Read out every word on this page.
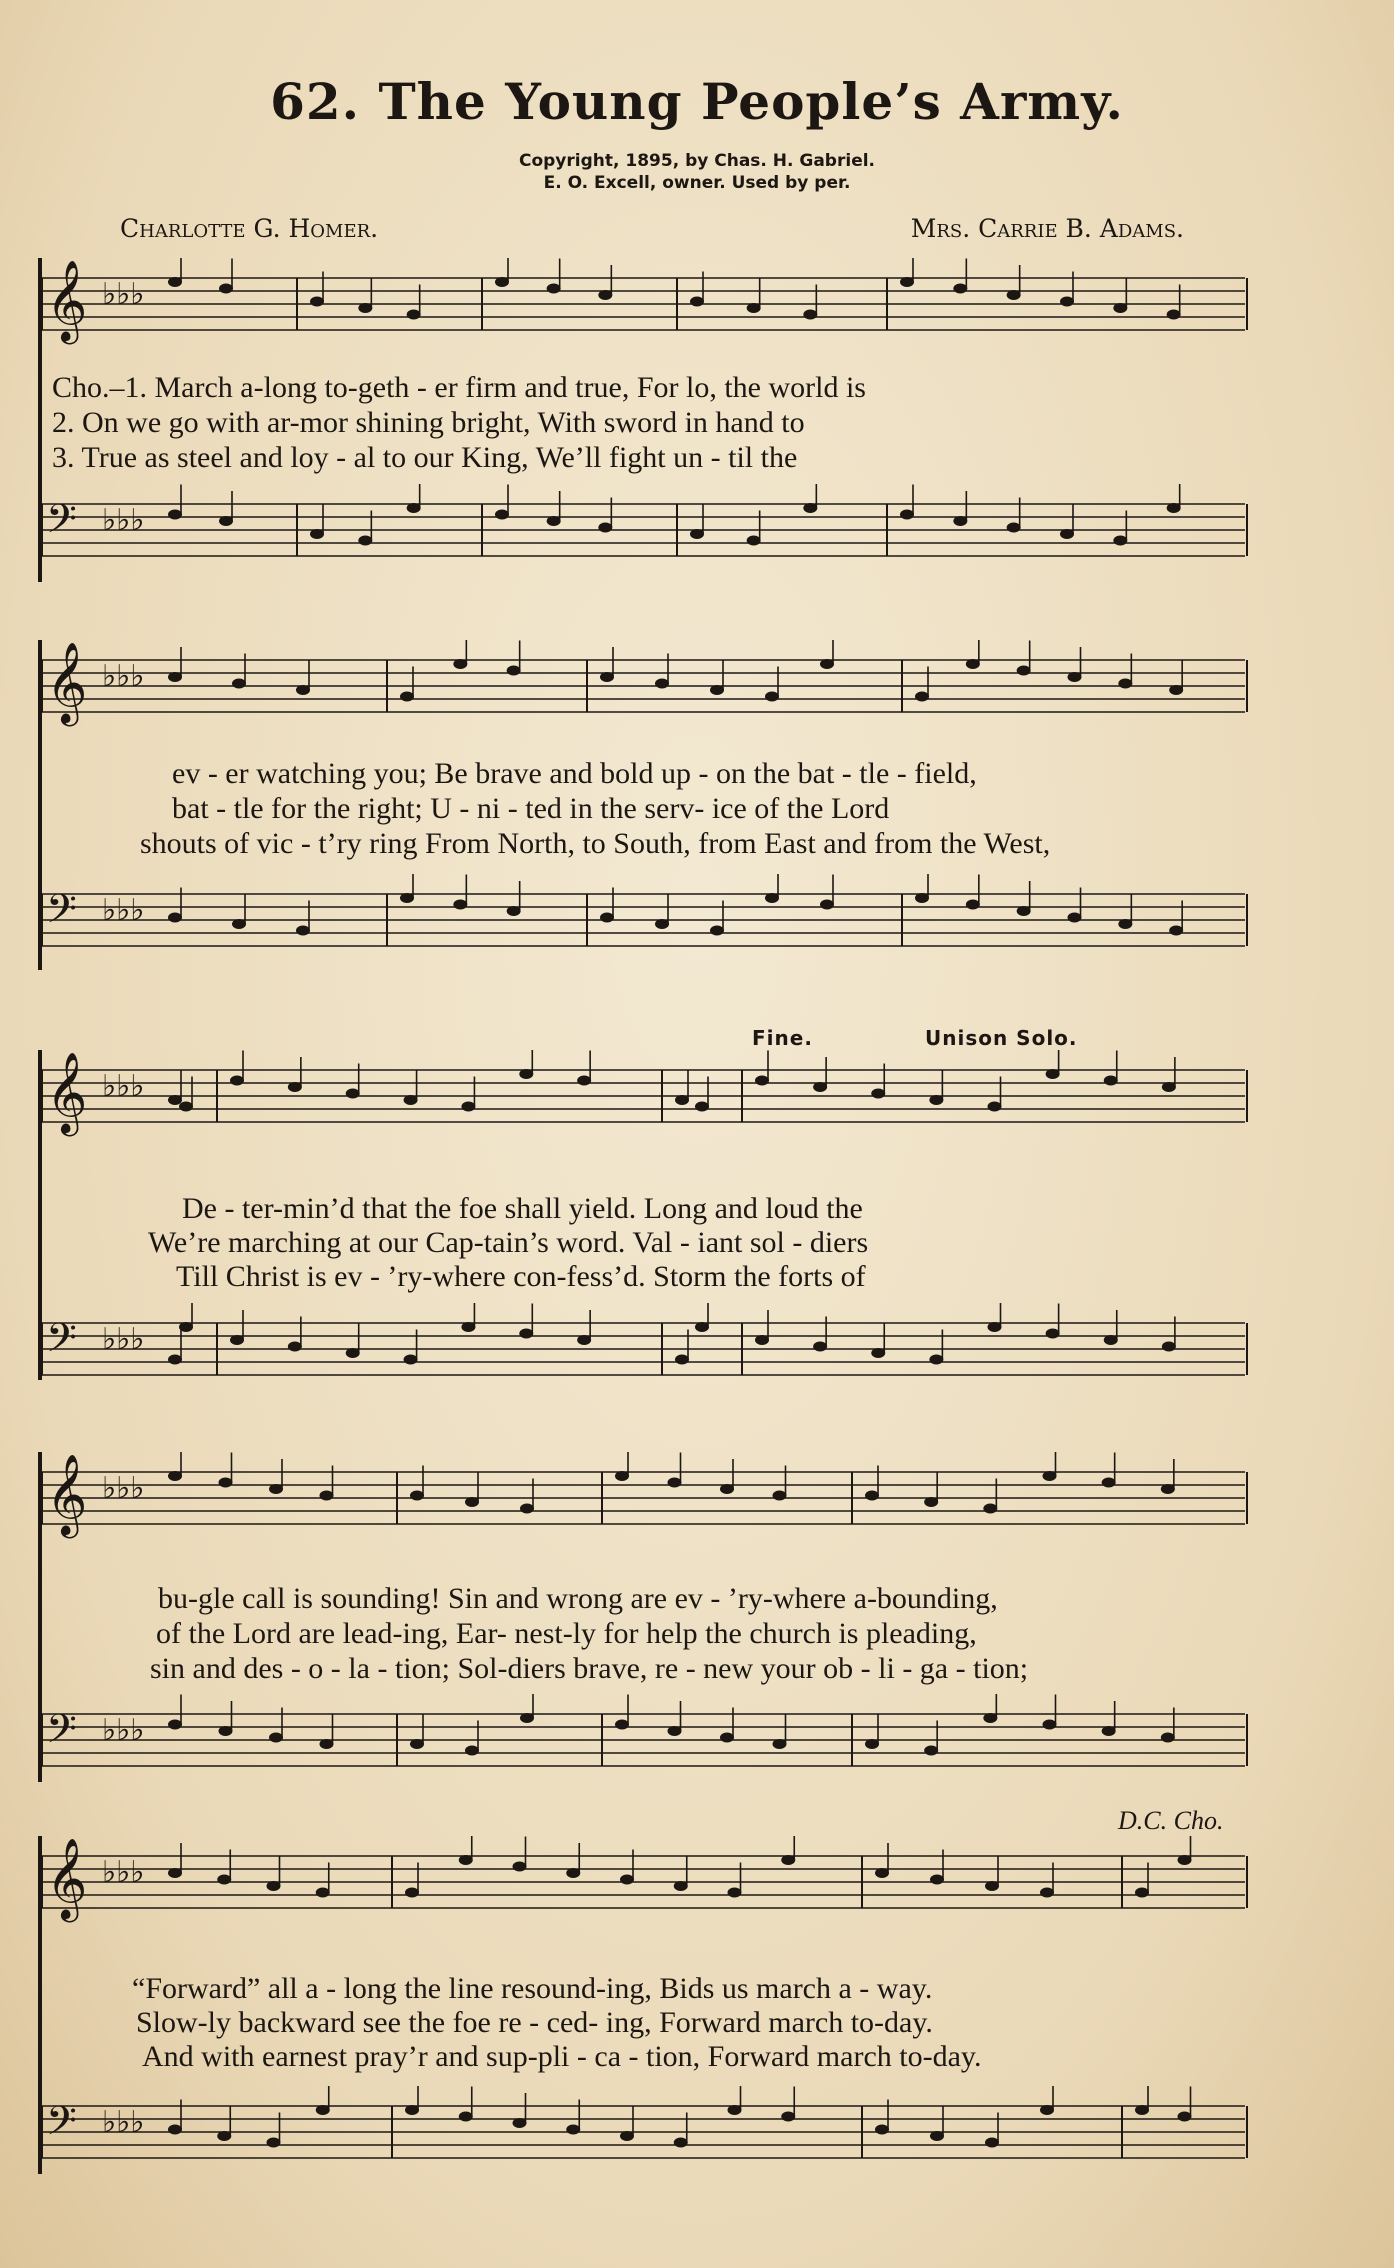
62. The Young People’s Army.
Copyright, 1895, by Chas. H. Gabriel.
E. O. Excell, owner. Used by per.
Charlotte G. Homer.	Mrs. Carrie B. Adams.
𝄞 ♭♭♭
Cho.–1. March a-long to-geth - er firm and true, For lo, the world is
2. On we go with ar-mor shining bright, With sword in hand to
3. True as steel and loy - al to our King, We’ll fight un - til the
𝄢 ♭♭♭
𝄞 ♭♭♭
ev - er watching you; Be brave and bold up - on the bat - tle - field,
bat - tle for the right; U - ni - ted in the serv- ice of the Lord
shouts of vic - t’ry ring From North, to South, from East and from the West,
𝄢 ♭♭♭
Fine.	Unison Solo.
𝄞 ♭♭♭
De - ter-min’d that the foe shall yield. Long and loud the
We’re marching at our Cap-tain’s word. Val - iant sol - diers
Till Christ is ev - ’ry-where con-fess’d. Storm the forts of
𝄢 ♭♭♭
𝄞 ♭♭♭
bu-gle call is sounding! Sin and wrong are ev - ’ry-where a-bounding,
of the Lord are lead-ing, Ear- nest-ly for help the church is pleading,
sin and des - o - la - tion; Sol-diers brave, re - new your ob - li - ga - tion;
𝄢 ♭♭♭
D.C. Cho.
𝄞 ♭♭♭
“Forward” all a - long the line resound-ing, Bids us march a - way.
Slow-ly backward see the foe re - ced- ing, Forward march to-day.
And with earnest pray’r and sup-pli - ca - tion, Forward march to-day.
𝄢 ♭♭♭
